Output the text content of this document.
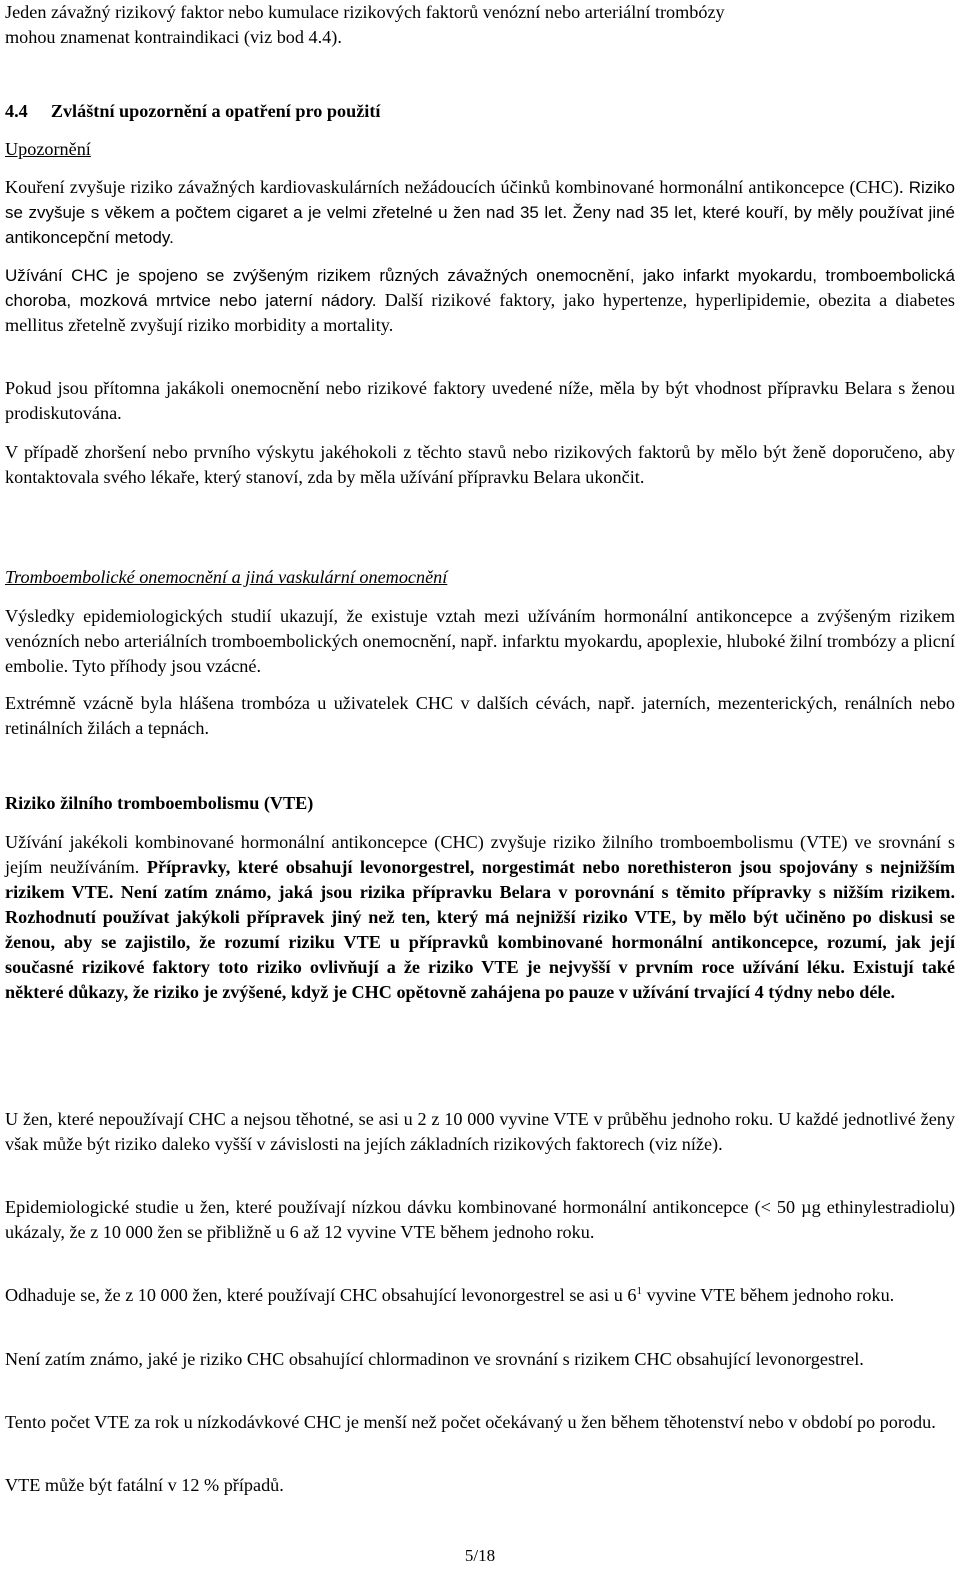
Jeden závažný rizikový faktor nebo kumulace rizikových faktorů venózní nebo arteriální trombózy
mohou znamenat kontraindikaci (viz bod 4.4).

4.4 Zvláštní upozornění a opatření pro použití
Upozornění

Kouření zvyšuje riziko závažných kardiovaskulárních nežádoucích účinků kombinované hormonální antikoncepce (CHC). Riziko se zvyšuje s věkem a počtem cigaret a je velmi zřetelné u žen nad 35 let. Ženy nad 35 let, které kouří, by měly používat jiné antikoncepční metody.

Užívání CHC je spojeno se zvýšeným rizikem různých závažných onemocnění, jako infarkt myokardu, tromboembolická choroba, mozková mrtvice nebo jaterní nádory. Další rizikové faktory, jako hypertenze, hyperlipidemie, obezita a diabetes mellitus zřetelně zvyšují riziko morbidity a mortality.

Pokud jsou přítomna jakákoli onemocnění nebo rizikové faktory uvedené níže, měla by být vhodnost přípravku Belara s ženou prodiskutována.

V případě zhoršení nebo prvního výskytu jakéhokoli z těchto stavů nebo rizikových faktorů by mělo být ženě doporučeno, aby kontaktovala svého lékaře, který stanoví, zda by měla užívání přípravku Belara ukončit.

Tromboembolické onemocnění a jiná vaskulární onemocnění

Výsledky epidemiologických studií ukazují, že existuje vztah mezi užíváním hormonální antikoncepce a zvýšeným rizikem venózních nebo arteriálních tromboembolických onemocnění, např. infarktu myokardu, apoplexie, hluboké žilní trombózy a plicní embolie. Tyto příhody jsou vzácné.

Extrémně vzácně byla hlášena trombóza u uživatelek CHC v dalších cévách, např. jaterních, mezenterických, renálních nebo retinálních žilách a tepnách.

Riziko žilního tromboembolismu (VTE)

Užívání jakékoli kombinované hormonální antikoncepce (CHC) zvyšuje riziko žilního tromboembolismu (VTE) ve srovnání s jejím neužíváním. Přípravky, které obsahují levonorgestrel, norgestimát nebo norethisteron jsou spojovány s nejnižším rizikem VTE. Není zatím známo, jaká jsou rizika přípravku Belara v porovnání s těmito přípravky s nižším rizikem. Rozhodnutí používat jakýkoli přípravek jiný než ten, který má nejnižší riziko VTE, by mělo být učiněno po diskusi se ženou, aby se zajistilo, že rozumí riziku VTE u přípravků kombinované hormonální antikoncepce, rozumí, jak její současné rizikové faktory toto riziko ovlivňují a že riziko VTE je nejvyšší v prvním roce užívání léku. Existují také některé důkazy, že riziko je zvýšené, když je CHC opětovně zahájena po pauze v užívání trvající 4 týdny nebo déle.

U žen, které nepoužívají CHC a nejsou těhotné, se asi u 2 z 10 000 vyvine VTE v průběhu jednoho roku. U každé jednotlivé ženy však může být riziko daleko vyšší v závislosti na jejích základních rizikových faktorech (viz níže).

Epidemiologické studie u žen, které používají nízkou dávku kombinované hormonální antikoncepce (< 50 µg ethinylestradiolu) ukázaly, že z 10 000 žen se přibližně u 6 až 12 vyvine VTE během jednoho roku.

Odhaduje se, že z 10 000 žen, které používají CHC obsahující levonorgestrel se asi u $6^1$ vyvine VTE během jednoho roku.

Není zatím známo, jaké je riziko CHC obsahující chlormadinon ve srovnání s rizikem CHC obsahující levonorgestrel.

Tento počet VTE za rok u nízkodávkové CHC je menší než počet očekávaný u žen během těhotenství nebo v období po porodu.

VTE může být fatální v 12 % případů.

5/18
